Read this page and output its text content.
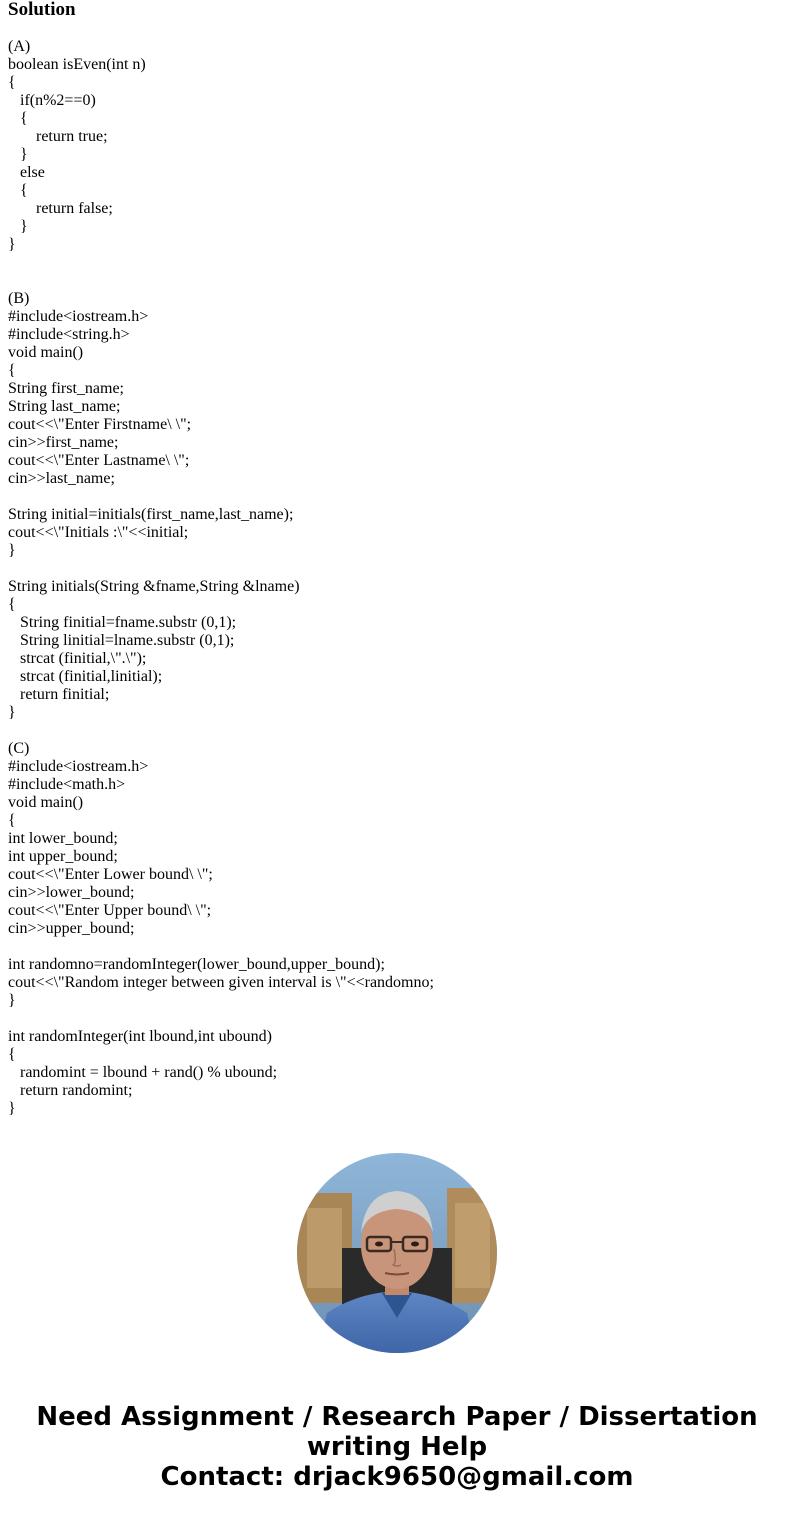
Solution
(A)
boolean isEven(int n)
{
if(n%2==0)
{
return true;
}
else
{
return false;
}
}
(B)
#include<iostream.h>
#include<string.h>
void main()
{
String first_name;
String last_name;
cout<<\"Enter Firstname\ \";
cin>>first_name;
cout<<\"Enter Lastname\ \";
cin>>last_name;
String initial=initials(first_name,last_name);
cout<<\"Initials :\"<<initial;
}
String initials(String &fname,String &lname)
{
String finitial=fname.substr (0,1);
String linitial=lname.substr (0,1);
strcat (finitial,\".\");
strcat (finitial,linitial);
return finitial;
}
(C)
#include<iostream.h>
#include<math.h>
void main()
{
int lower_bound;
int upper_bound;
cout<<\"Enter Lower bound\ \";
cin>>lower_bound;
cout<<\"Enter Upper bound\ \";
cin>>upper_bound;
int randomno=randomInteger(lower_bound,upper_bound);
cout<<\"Random integer between given interval is \"<<randomno;
}
int randomInteger(int lbound,int ubound)
{
randomint = lbound + rand() % ubound;
return randomint;
}
Need Assignment / Research Paper / Dissertation
writing Help
Contact: drjack9650@gmail.com
